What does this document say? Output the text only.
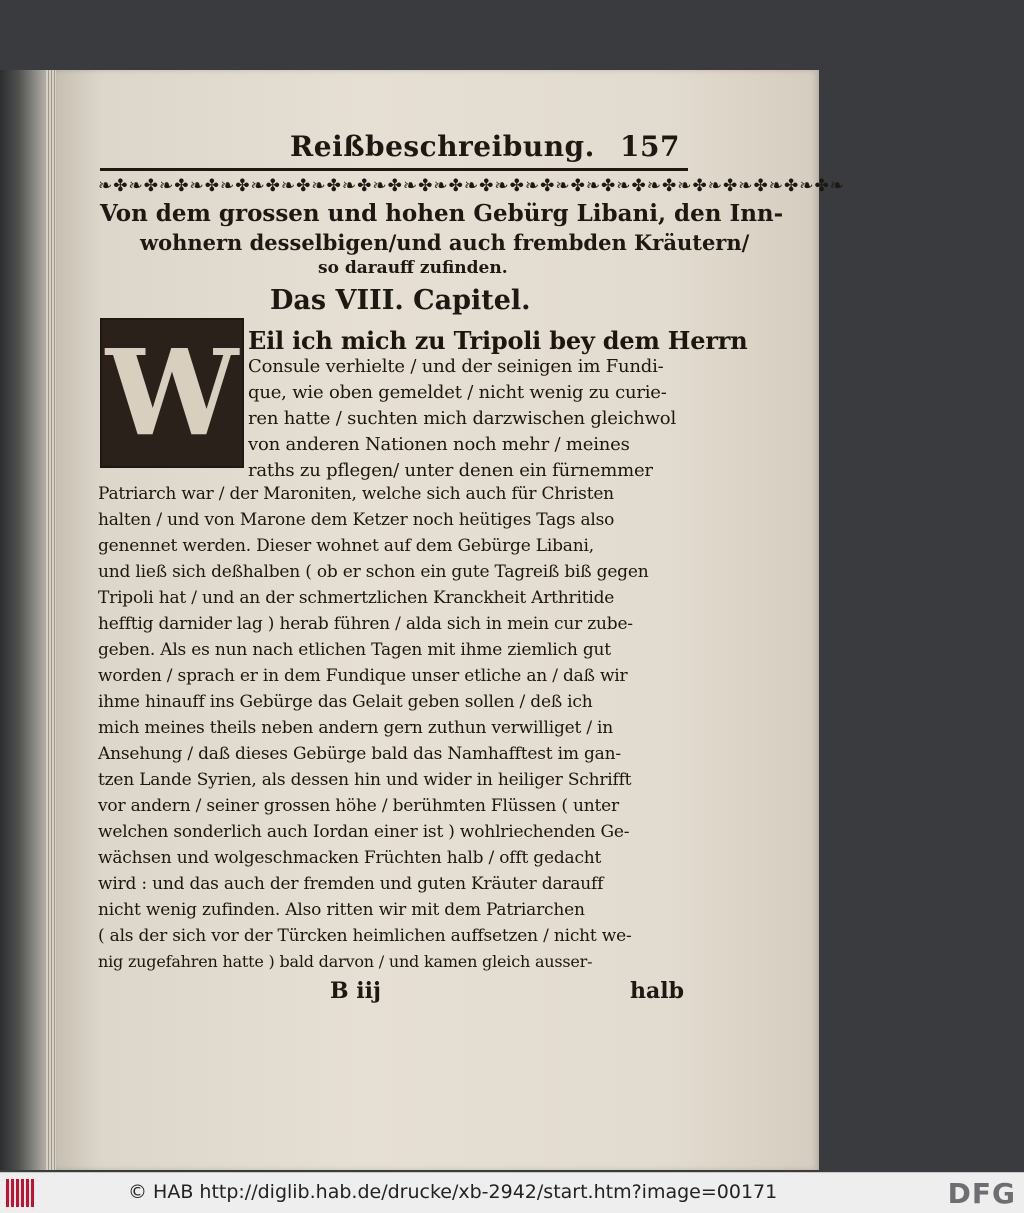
Reißbeschreibung. 157
❧✤❧✤❧✤❧✤❧✤❧✤❧✤❧✤❧✤❧✤❧✤❧✤❧✤❧✤❧✤❧✤❧✤❧✤❧✤❧✤❧✤❧✤❧✤❧✤❧
Von dem grossen und hohen Gebürg Libani, den Inn-
wohnern desselbigen/und auch frembden Kräutern/
so darauff zufinden.
Das VIII. Capitel.
W Eil ich mich zu Tripoli bey dem Herrn
Consule verhielte / und der seinigen im Fundi-
que, wie oben gemeldet / nicht wenig zu curie-
ren hatte / suchten mich darzwischen gleichwol
von anderen Nationen noch mehr / meines
raths zu pflegen/ unter denen ein fürnemmer
Patriarch war / der Maroniten, welche sich auch für Christen
halten / und von Marone dem Ketzer noch heütiges Tags also
genennet werden. Dieser wohnet auf dem Gebürge Libani,
und ließ sich deßhalben ( ob er schon ein gute Tagreiß biß gegen
Tripoli hat / und an der schmertzlichen Kranckheit Arthritide
hefftig darnider lag ) herab führen / alda sich in mein cur zube-
geben. Als es nun nach etlichen Tagen mit ihme ziemlich gut
worden / sprach er in dem Fundique unser etliche an / daß wir
ihme hinauff ins Gebürge das Gelait geben sollen / deß ich
mich meines theils neben andern gern zuthun verwilliget / in
Ansehung / daß dieses Gebürge bald das Namhafftest im gan-
tzen Lande Syrien, als dessen hin und wider in heiliger Schrifft
vor andern / seiner grossen höhe / berühmten Flüssen ( unter
welchen sonderlich auch Iordan einer ist ) wohlriechenden Ge-
wächsen und wolgeschmacken Früchten halb / offt gedacht
wird : und das auch der fremden und guten Kräuter darauff
nicht wenig zufinden. Also ritten wir mit dem Patriarchen
( als der sich vor der Türcken heimlichen auffsetzen / nicht we-
nig zugefahren hatte ) bald darvon / und kamen gleich ausser-
B iij	halb
© HAB http://diglib.hab.de/drucke/xb-2942/start.htm?image=00171	DFG
